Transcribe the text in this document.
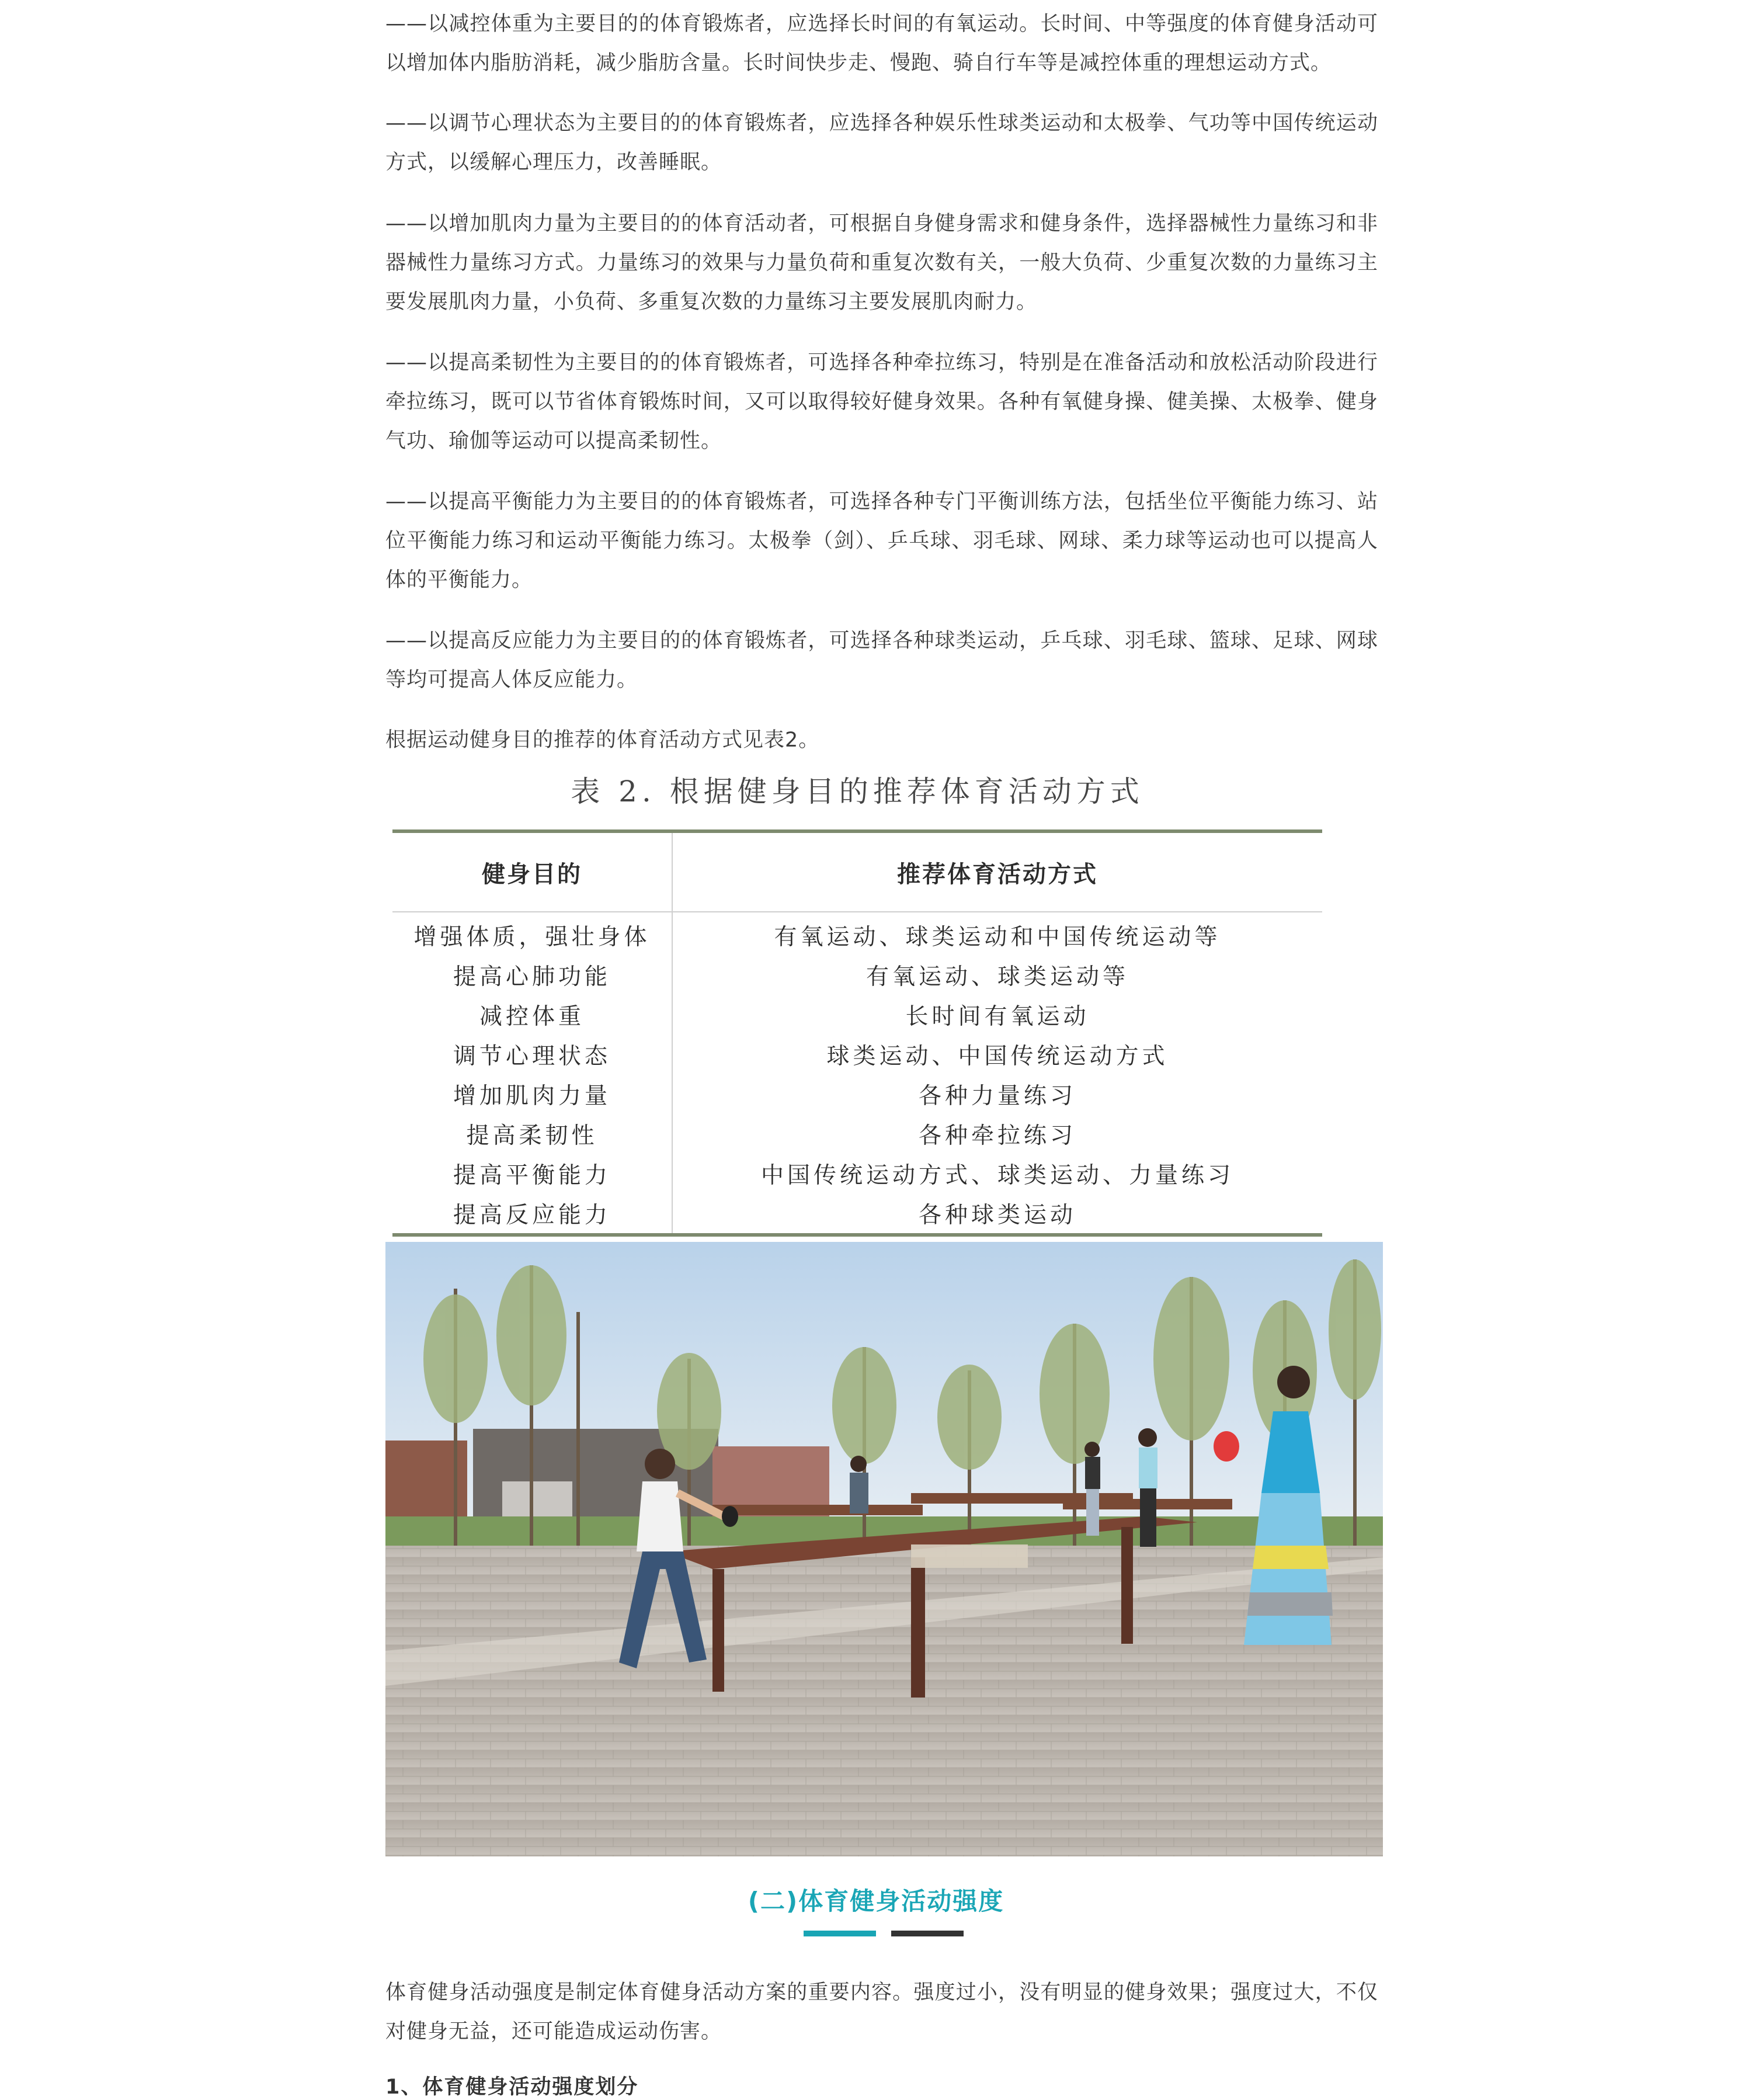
——以减控体重为主要目的的体育锻炼者，应选择长时间的有氧运动。长时间、中等强度的体育健身活动可以增加体内脂肪消耗，减少脂肪含量。长时间快步走、慢跑、骑自行车等是减控体重的理想运动方式。

——以调节心理状态为主要目的的体育锻炼者，应选择各种娱乐性球类运动和太极拳、气功等中国传统运动方式，以缓解心理压力，改善睡眠。

——以增加肌肉力量为主要目的的体育活动者，可根据自身健身需求和健身条件，选择器械性力量练习和非器械性力量练习方式。力量练习的效果与力量负荷和重复次数有关，一般大负荷、少重复次数的力量练习主要发展肌肉力量，小负荷、多重复次数的力量练习主要发展肌肉耐力。

——以提高柔韧性为主要目的的体育锻炼者，可选择各种牵拉练习，特别是在准备活动和放松活动阶段进行牵拉练习，既可以节省体育锻炼时间，又可以取得较好健身效果。各种有氧健身操、健美操、太极拳、健身气功、瑜伽等运动可以提高柔韧性。

——以提高平衡能力为主要目的的体育锻炼者，可选择各种专门平衡训练方法，包括坐位平衡能力练习、站位平衡能力练习和运动平衡能力练习。太极拳（剑）、乒乓球、羽毛球、网球、柔力球等运动也可以提高人体的平衡能力。

——以提高反应能力为主要目的的体育锻炼者，可选择各种球类运动，乒乓球、羽毛球、篮球、足球、网球等均可提高人体反应能力。

根据运动健身目的推荐的体育活动方式见表2。

表 2. 根据健身目的推荐体育活动方式
健身目的	推荐体育活动方式
增强体质，强壮身体	有氧运动、球类运动和中国传统运动等
提高心肺功能	有氧运动、球类运动等
减控体重	长时间有氧运动
调节心理状态	球类运动、中国传统运动方式
增加肌肉力量	各种力量练习
提高柔韧性	各种牵拉练习
提高平衡能力	中国传统运动方式、球类运动、力量练习
提高反应能力	各种球类运动
(二)体育健身活动强度

体育健身活动强度是制定体育健身活动方案的重要内容。强度过小，没有明显的健身效果；强度过大，不仅对健身无益，还可能造成运动伤害。

1、体育健身活动强度划分
